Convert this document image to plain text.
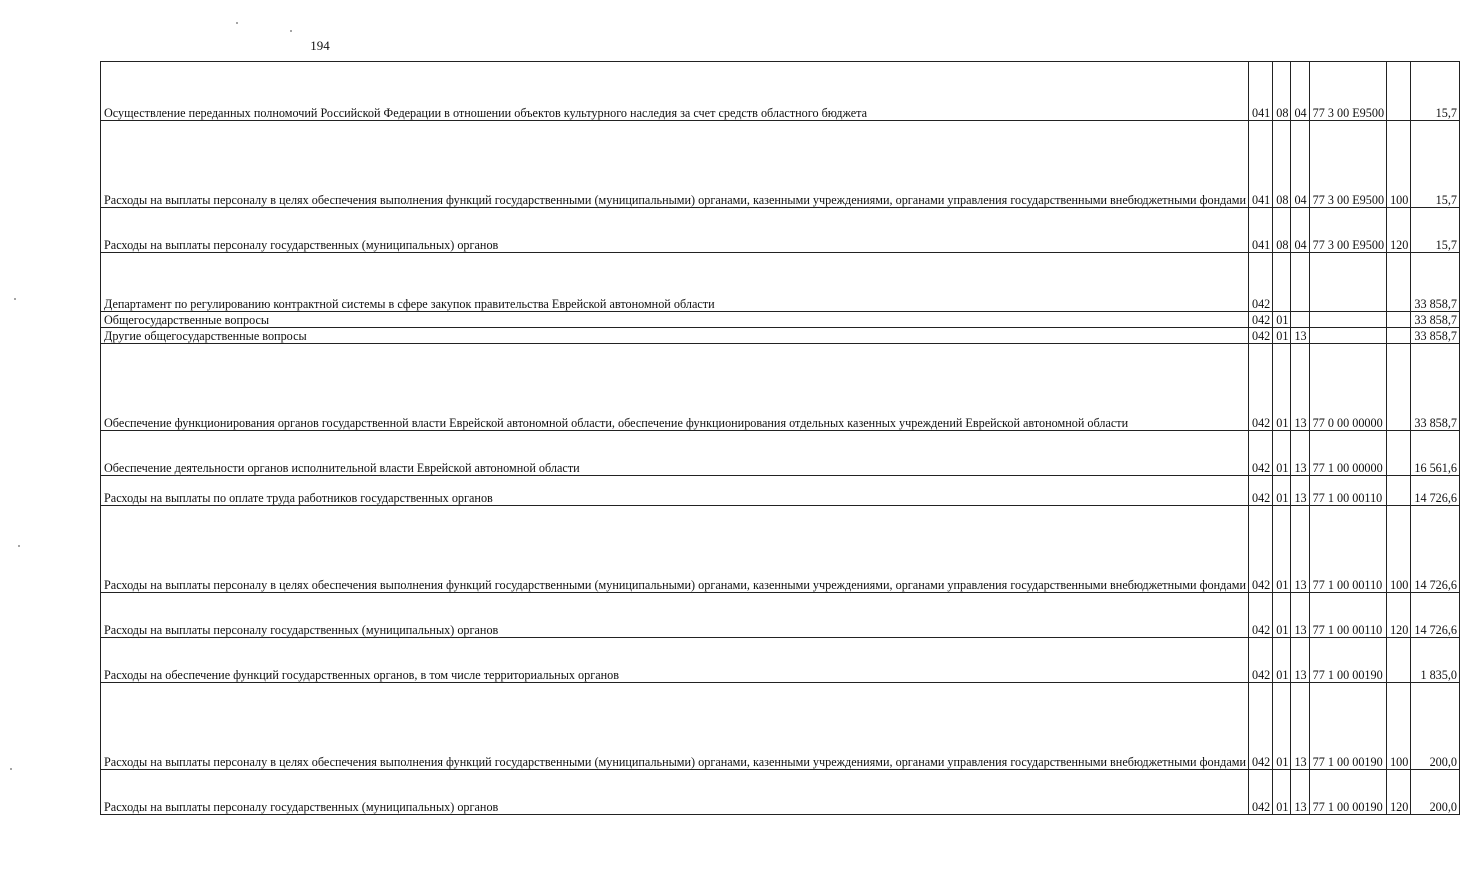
194
Осуществление переданных полномочий Российской Федерации в отношении объектов культурного наследия за счет средств областного бюджета	041	08	04	77 3 00 Е9500		15,7

Расходы на выплаты персоналу в целях обеспечения выполнения функций государственными (муниципальными) органами, казенными учреждениями, органами управления государственными внебюджетными фондами	041	08	04	77 3 00 Е9500	100	15,7

Расходы на выплаты персоналу государственных (муниципальных) органов	041	08	04	77 3 00 Е9500	120	15,7

Департамент по регулированию контрактной системы в сфере закупок правительства Еврейской автономной области	042					33 858,7

Общегосударственные вопросы	042	01				33 858,7

Другие общегосударственные вопросы	042	01	13			33 858,7

Обеспечение функционирования органов государственной власти Еврейской автономной области, обеспечение функционирования отдельных казенных учреждений Еврейской автономной области	042	01	13	77 0 00 00000		33 858,7

Обеспечение деятельности органов исполнительной власти Еврейской автономной области	042	01	13	77 1 00 00000		16 561,6

Расходы на выплаты по оплате труда работников государственных органов	042	01	13	77 1 00 00110		14 726,6

Расходы на выплаты персоналу в целях обеспечения выполнения функций государственными (муниципальными) органами, казенными учреждениями, органами управления государственными внебюджетными фондами	042	01	13	77 1 00 00110	100	14 726,6

Расходы на выплаты персоналу государственных (муниципальных) органов	042	01	13	77 1 00 00110	120	14 726,6

Расходы на обеспечение функций государственных органов, в том числе территориальных органов	042	01	13	77 1 00 00190		1 835,0

Расходы на выплаты персоналу в целях обеспечения выполнения функций государственными (муниципальными) органами, казенными учреждениями, органами управления государственными внебюджетными фондами	042	01	13	77 1 00 00190	100	200,0

Расходы на выплаты персоналу государственных (муниципальных) органов	042	01	13	77 1 00 00190	120	200,0
